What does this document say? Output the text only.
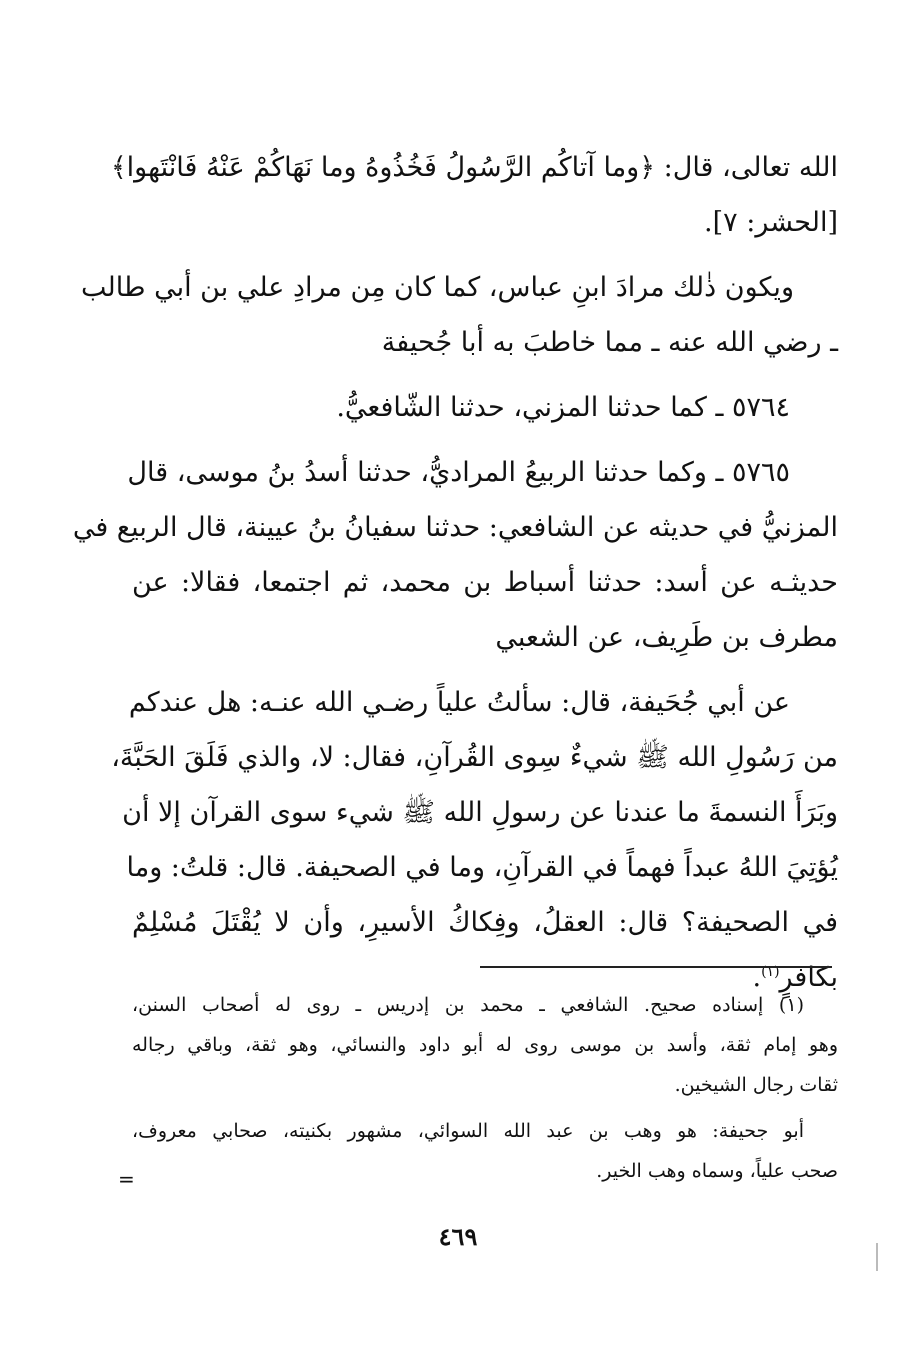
الله تعالى، قال: ﴿وما آتاكُم الرَّسُولُ فَخُذُوهُ وما نَهَاكُمْ عَنْهُ فَانْتَهوا﴾
[الحشر: ٧].
ويكون ذٰلك مرادَ ابنِ عباس، كما كان مِن مرادِ علي بن أبي طالب
ـ رضي الله عنه ـ مما خاطبَ به أبا جُحيفة
٥٧٦٤ ـ كما حدثنا المزني، حدثنا الشّافعيُّ.
٥٧٦٥ ـ وكما حدثنا الربيعُ المراديُّ، حدثنا أسدُ بنُ موسى، قال
المزنيُّ في حديثه عن الشافعي: حدثنا سفيانُ بنُ عيينة، قال الربيع في
حديثـه عن أسد: حدثنا أسباط بن محمد، ثم اجتمعا، فقالا: عن
مطرف بن طَرِيف، عن الشعبي
عن أبي جُحَيفة، قال: سألتُ علياً رضـي الله عنـه: هل عندكم
من رَسُولِ الله ﷺ شيءٌ سِوى القُرآنِ، فقال: لا، والذي فَلَقَ الحَبَّةَ،
وبَرَأَ النسمةَ ما عندنا عن رسولِ الله ﷺ شيء سوى القرآن إلا أن
يُؤتِيَ اللهُ عبداً فهماً في القرآنِ، وما في الصحيفة. قال: قلتُ: وما
في الصحيفة؟ قال: العقلُ، وفِكاكُ الأسيرِ، وأن لا يُقْتَلَ مُسْلِمٌ
بكافرٍ$^{(١)}$.
(١) إسناده صحيح. الشافعي ـ محمد بن إدريس ـ روى له أصحاب السنن،
وهو إمام ثقة، وأسد بن موسى روى له أبو داود والنسائي، وهو ثقة، وباقي رجاله
ثقات رجال الشيخين.
أبو جحيفة: هو وهب بن عبد الله السوائي، مشهور بكنيته، صحابي معروف،
صحب علياً، وسماه وهب الخير.
=
٤٦٩
